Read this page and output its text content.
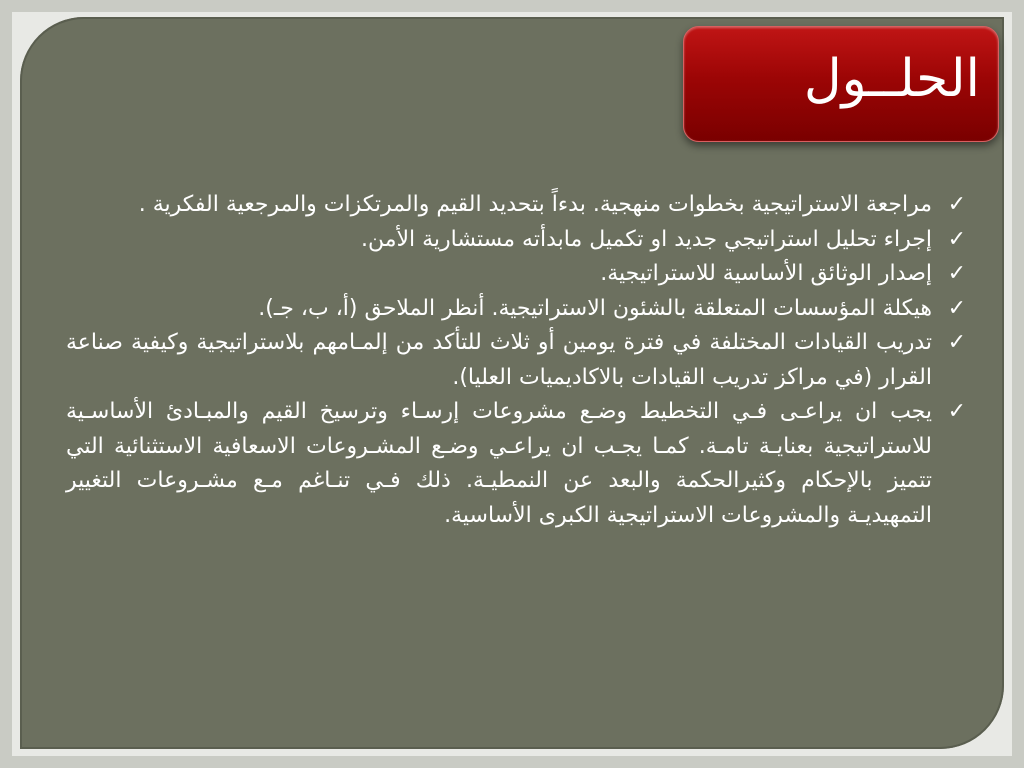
الحلــول
✓
مراجعة الاستراتيجية بخطوات منهجية. بدءاً بتحديد القيم والمرتكزات والمرجعية الفكرية .
✓
إجراء تحليل استراتيجي جديد او تكميل مابدأته مستشارية الأمن.
✓
إصدار الوثائق الأساسية للاستراتيجية.
✓
هيكلة المؤسسات المتعلقة بالشئون الاستراتيجية. أنظر الملاحق (أ، ب، جـ).
✓
تدريب القيادات المختلفة في فترة يومين أو ثلاث للتأكد من إلمـامهم بلاستراتيجية وكيفية صناعة القرار (في مراكز تدريب القيادات بالاكاديميات العليا).
✓
يجب ان يراعـى فـي التخطيط وضـع مشروعات إرسـاء وترسيخ القيم والمبـادئ الأساسـية للاستراتيجية بعنايـة تامـة. كمـا يجـب ان يراعـي وضـع المشـروعات الاسعافية الاستثنائية التي تتميز بالإحكام وكثيرالحكمة والبعد عن النمطيـة. ذلك فـي تنـاغم مـع مشـروعات التغيير التمهيديـة والمشروعات الاستراتيجية الكبرى الأساسية.
